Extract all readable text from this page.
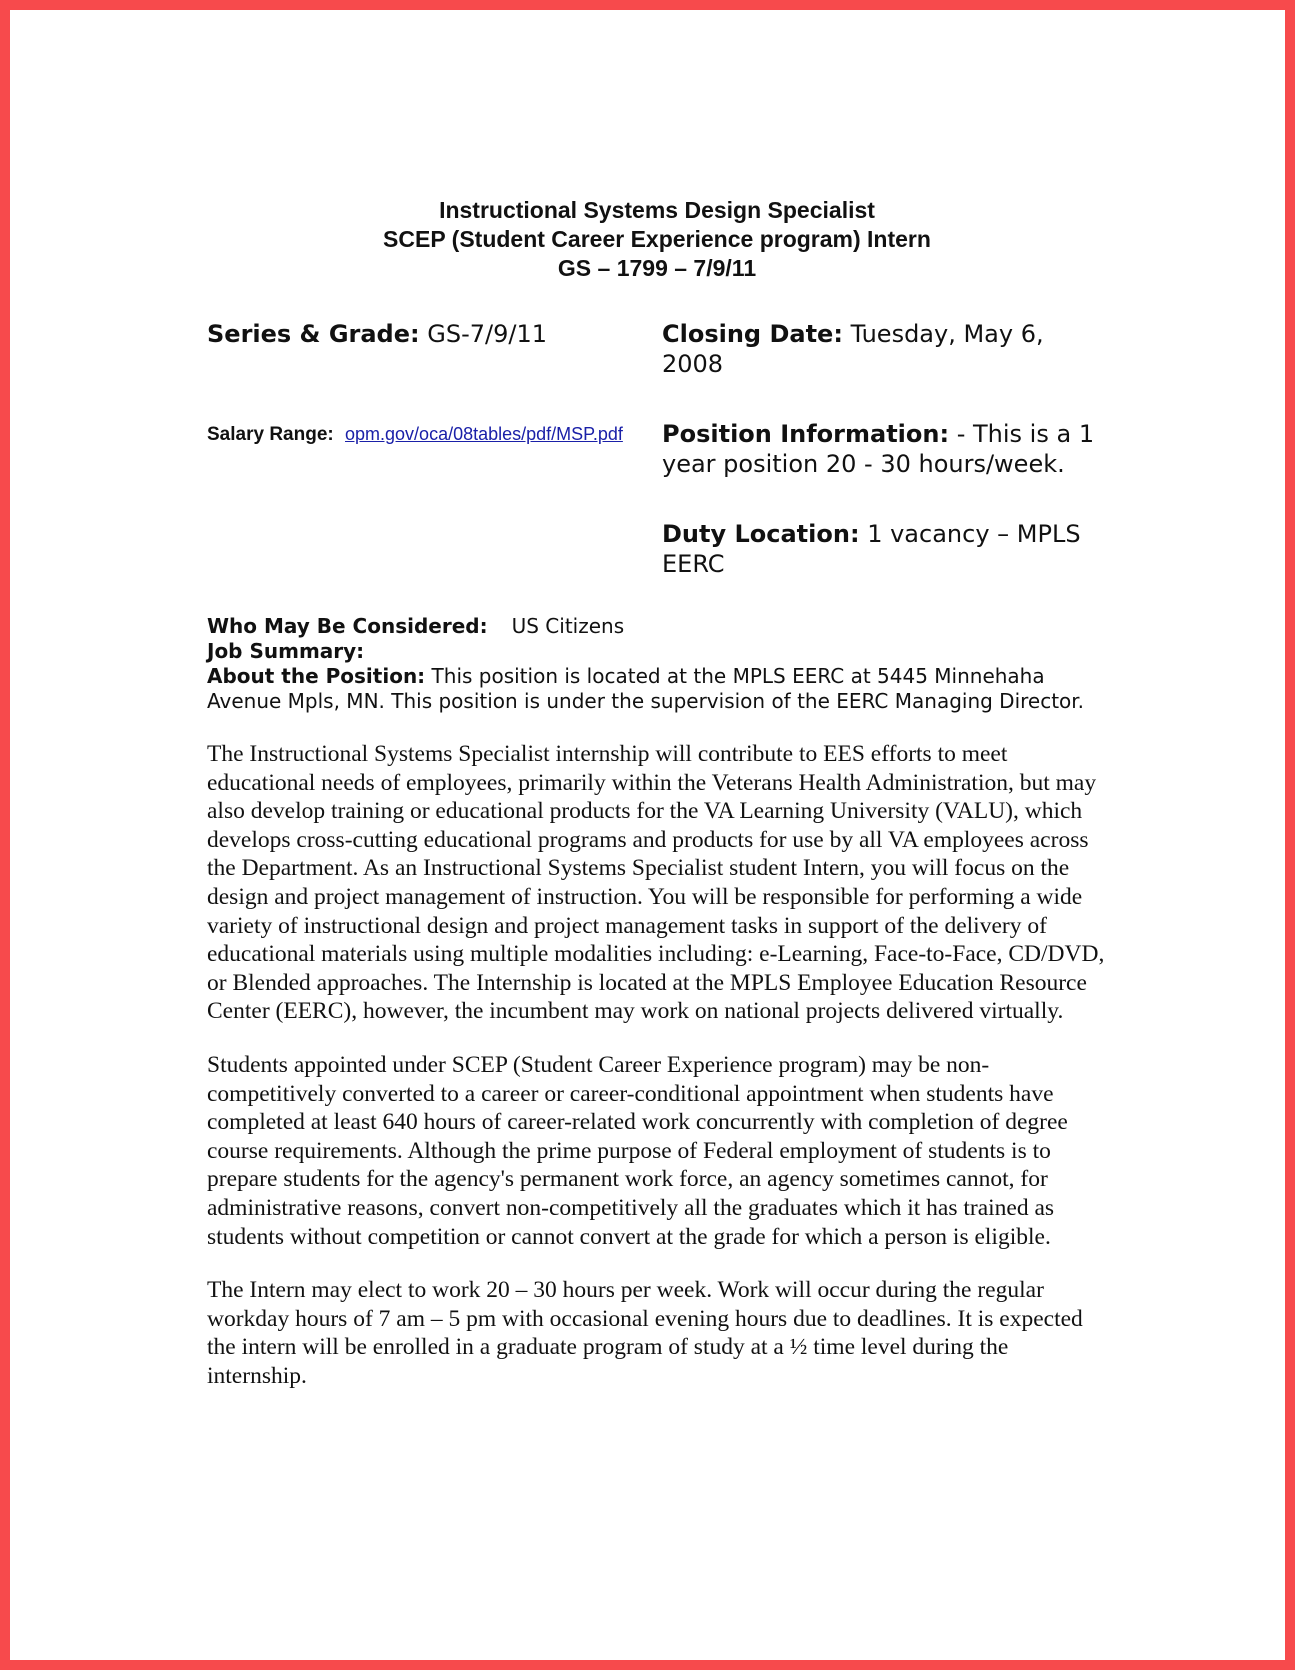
Instructional Systems Design Specialist
SCEP (Student Career Experience program) Intern
GS – 1799 – 7/9/11
Series & Grade: GS-7/9/11	Closing Date: Tuesday, May 6, 2008
Salary Range: opm.gov/oca/08tables/pdf/MSP.pdf Position Information: - This is a 1 year position 20 - 30 hours/week.
Duty Location: 1 vacancy – MPLS EERC
Who May Be Considered: US Citizens
Job Summary:
About the Position: This position is located at the MPLS EERC at 5445 Minnehaha Avenue Mpls, MN. This position is under the supervision of the EERC Managing Director.

The Instructional Systems Specialist internship will contribute to EES efforts to meet educational needs of employees, primarily within the Veterans Health Administration, but may also develop training or educational products for the VA Learning University (VALU), which develops cross-cutting educational programs and products for use by all VA employees across the Department. As an Instructional Systems Specialist student Intern, you will focus on the design and project management of instruction. You will be responsible for performing a wide variety of instructional design and project management tasks in support of the delivery of educational materials using multiple modalities including: e-Learning, Face-to-Face, CD/DVD, or Blended approaches. The Internship is located at the MPLS Employee Education Resource Center (EERC), however, the incumbent may work on national projects delivered virtually.

Students appointed under SCEP (Student Career Experience program) may be non-competitively converted to a career or career-conditional appointment when students have completed at least 640 hours of career-related work concurrently with completion of degree course requirements. Although the prime purpose of Federal employment of students is to prepare students for the agency's permanent work force, an agency sometimes cannot, for administrative reasons, convert non-competitively all the graduates which it has trained as students without competition or cannot convert at the grade for which a person is eligible.

The Intern may elect to work 20 – 30 hours per week. Work will occur during the regular workday hours of 7 am – 5 pm with occasional evening hours due to deadlines. It is expected the intern will be enrolled in a graduate program of study at a ½ time level during the internship.
